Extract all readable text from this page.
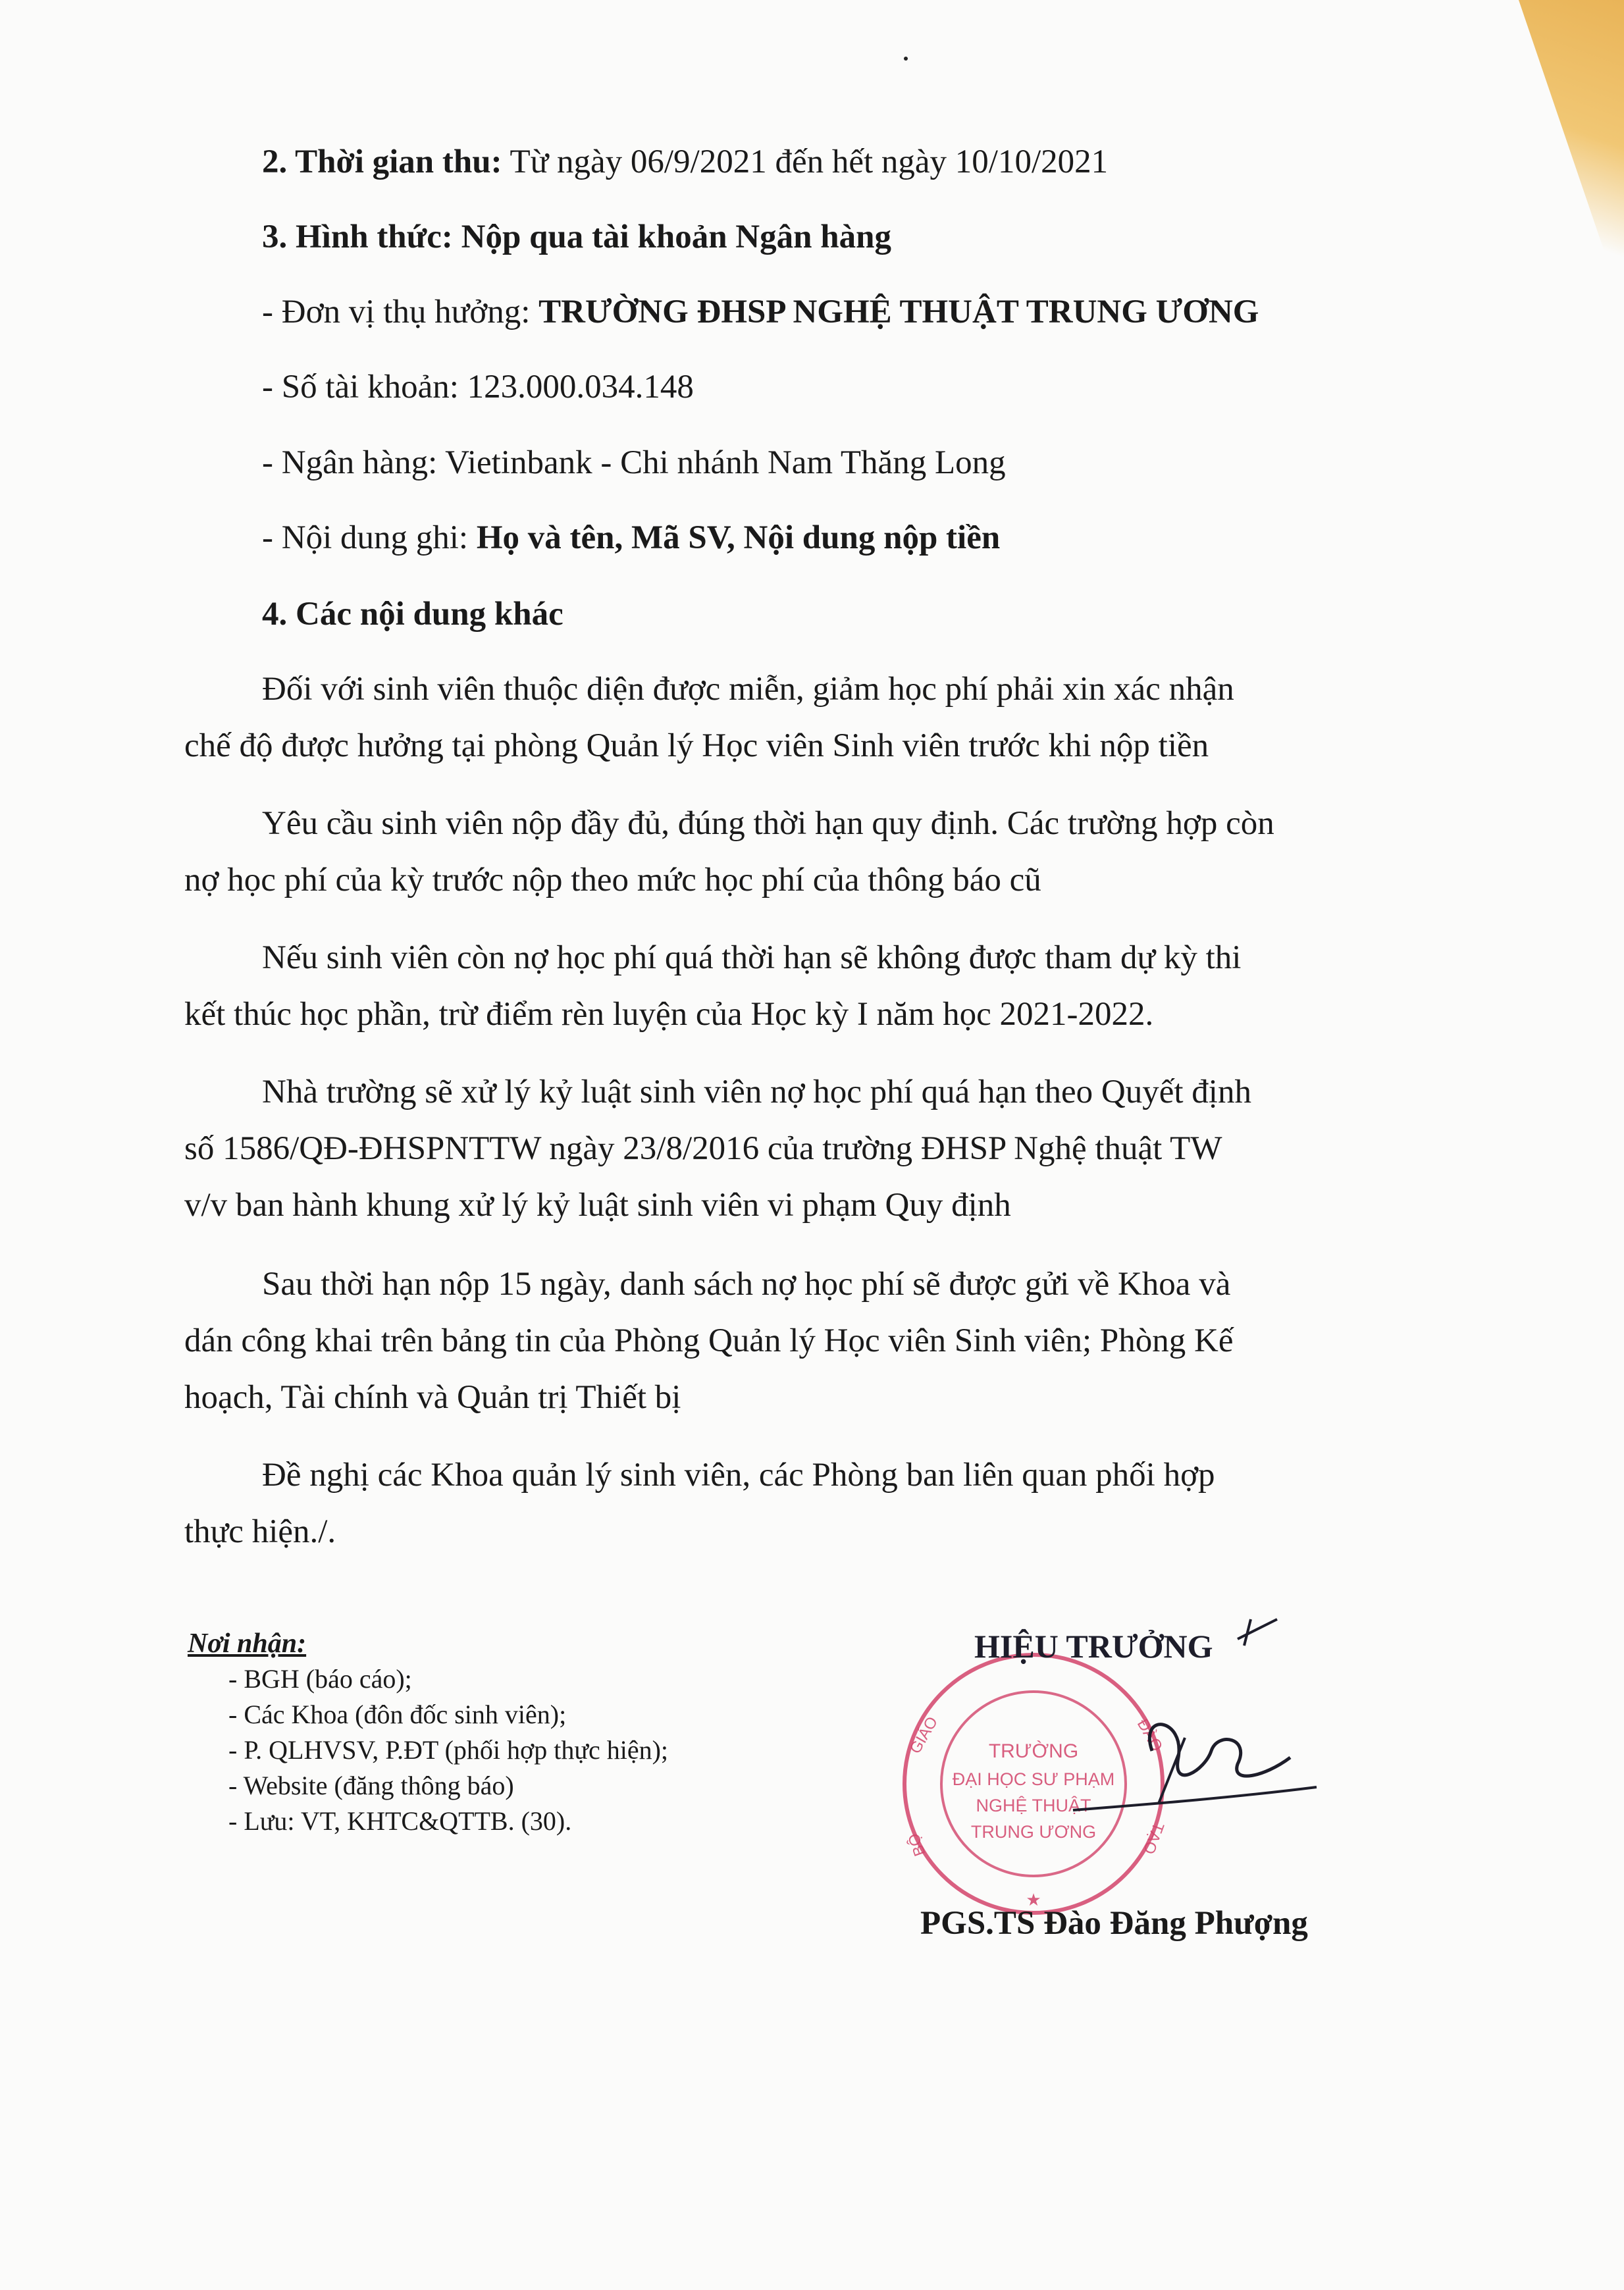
2. Thời gian thu: Từ ngày 06/9/2021 đến hết ngày 10/10/2021
3. Hình thức: Nộp qua tài khoản Ngân hàng
- Đơn vị thụ hưởng: TRƯỜNG ĐHSP NGHỆ THUẬT TRUNG ƯƠNG
- Số tài khoản: 123.000.034.148
- Ngân hàng: Vietinbank - Chi nhánh Nam Thăng Long
- Nội dung ghi: Họ và tên, Mã SV, Nội dung nộp tiền
4. Các nội dung khác
Đối với sinh viên thuộc diện được miễn, giảm học phí phải xin xác nhận
chế độ được hưởng tại phòng Quản lý Học viên Sinh viên trước khi nộp tiền
Yêu cầu sinh viên nộp đầy đủ, đúng thời hạn quy định. Các trường hợp còn
nợ học phí của kỳ trước nộp theo mức học phí của thông báo cũ
Nếu sinh viên còn nợ học phí quá thời hạn sẽ không được tham dự kỳ thi
kết thúc học phần, trừ điểm rèn luyện của Học kỳ I năm học 2021-2022.
Nhà trường sẽ xử lý kỷ luật sinh viên nợ học phí quá hạn theo Quyết định
số 1586/QĐ-ĐHSPNTTW ngày 23/8/2016 của trường ĐHSP Nghệ thuật TW
v/v ban hành khung xử lý kỷ luật sinh viên vi phạm Quy định
Sau thời hạn nộp 15 ngày, danh sách nợ học phí sẽ được gửi về Khoa và
dán công khai trên bảng tin của Phòng Quản lý Học viên Sinh viên; Phòng Kế
hoạch, Tài chính và Quản trị Thiết bị
Đề nghị các Khoa quản lý sinh viên, các Phòng ban liên quan phối hợp
thực hiện./.
Nơi nhận:
- BGH (báo cáo);
- Các Khoa (đôn đốc sinh viên);
- P. QLHVSV, P.ĐT (phối hợp thực hiện);
- Website (đăng thông báo)
- Lưu: VT, KHTC&QTTB. (30).
TRƯỜNG
ĐẠI HỌC SƯ PHẠM
NGHỆ THUẬT
TRUNG ƯƠNG
★
GIÁO	ĐÀO
BỘ	TẠO
HIỆU TRƯỞNG
PGS.TS Đào Đăng Phượng
